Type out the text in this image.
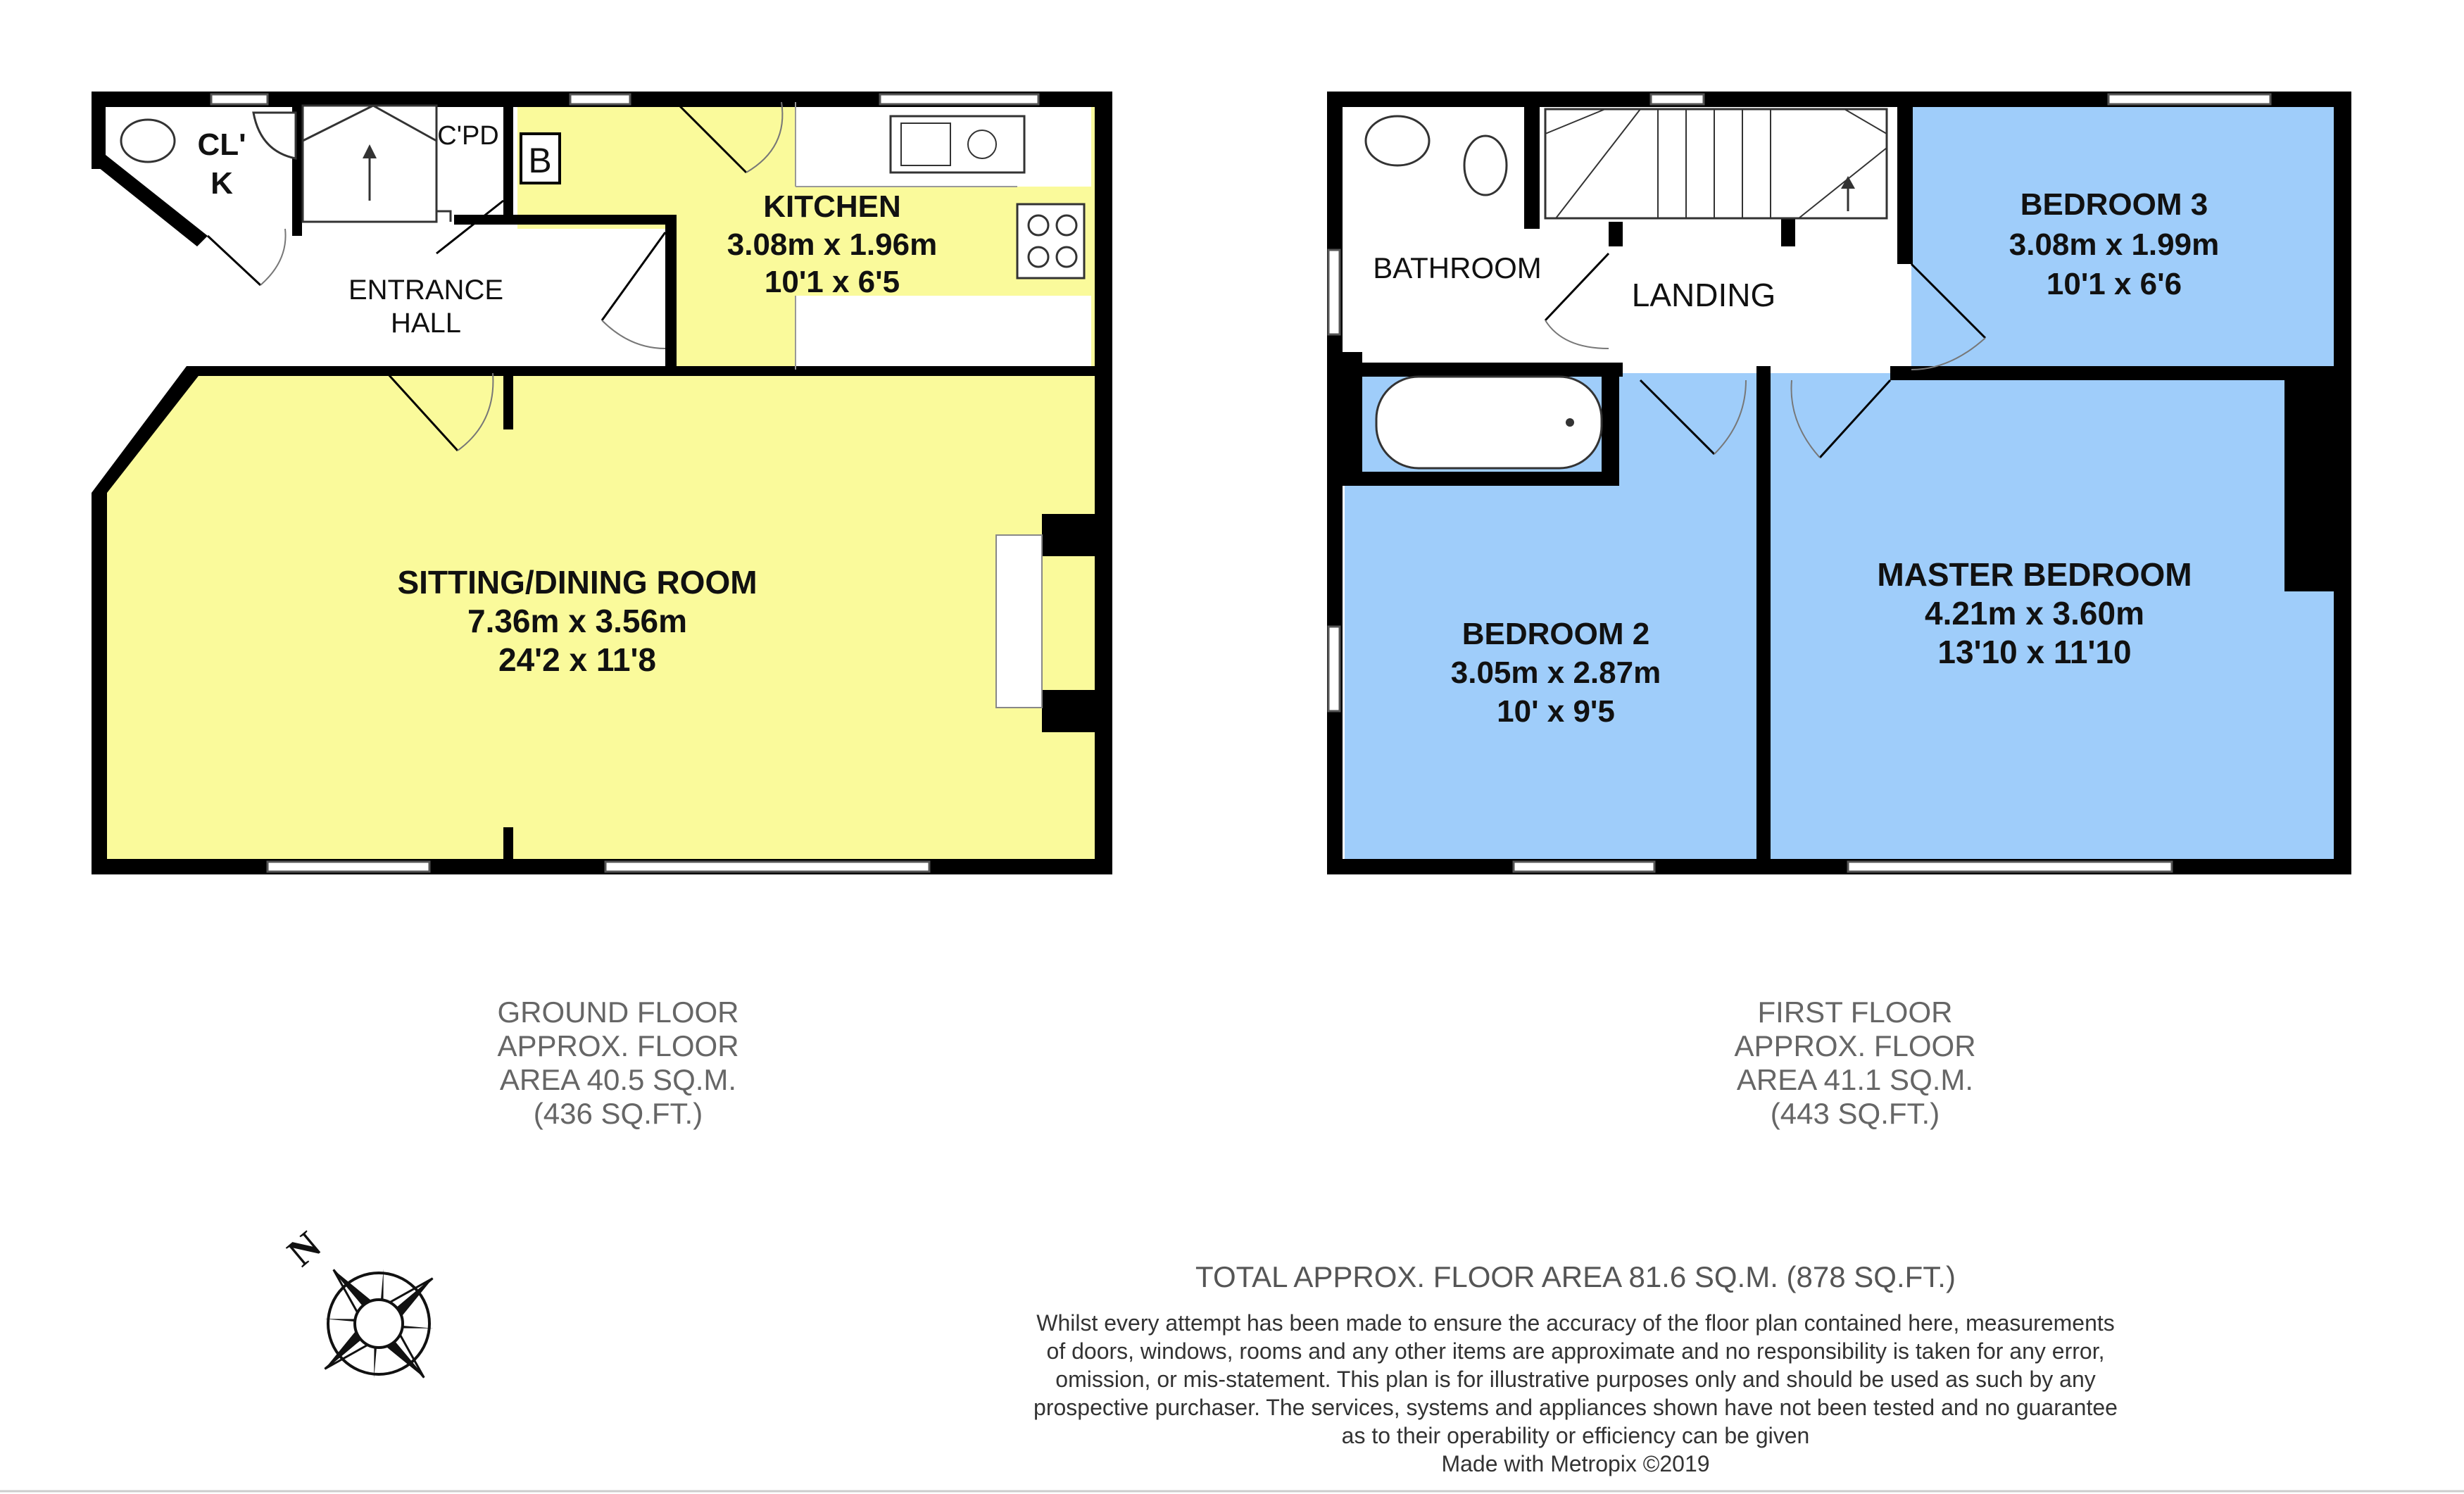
CL'
K
C'PD
B
ENTRANCE
HALL
KITCHEN
3.08m x 1.96m
10'1 x 6'5
SITTING/DINING ROOM
7.36m x 3.56m
24'2 x 11'8
BATHROOM
LANDING
BEDROOM 3
3.08m x 1.99m
10'1 x 6'6
BEDROOM 2
3.05m x 2.87m
10' x 9'5
MASTER BEDROOM
4.21m x 3.60m
13'10 x 11'10
GROUND FLOOR
APPROX. FLOOR
AREA 40.5 SQ.M.
(436 SQ.FT.)
FIRST FLOOR
APPROX. FLOOR
AREA 41.1 SQ.M.
(443 SQ.FT.)
N
TOTAL APPROX. FLOOR AREA 81.6 SQ.M. (878 SQ.FT.)
Whilst every attempt has been made to ensure the accuracy of the floor plan contained here, measurements
of doors, windows, rooms and any other items are approximate and no responsibility is taken for any error,
omission, or mis-statement. This plan is for illustrative purposes only and should be used as such by any
prospective purchaser. The services, systems and appliances shown have not been tested and no guarantee
as to their operability or efficiency can be given
Made with Metropix ©2019
